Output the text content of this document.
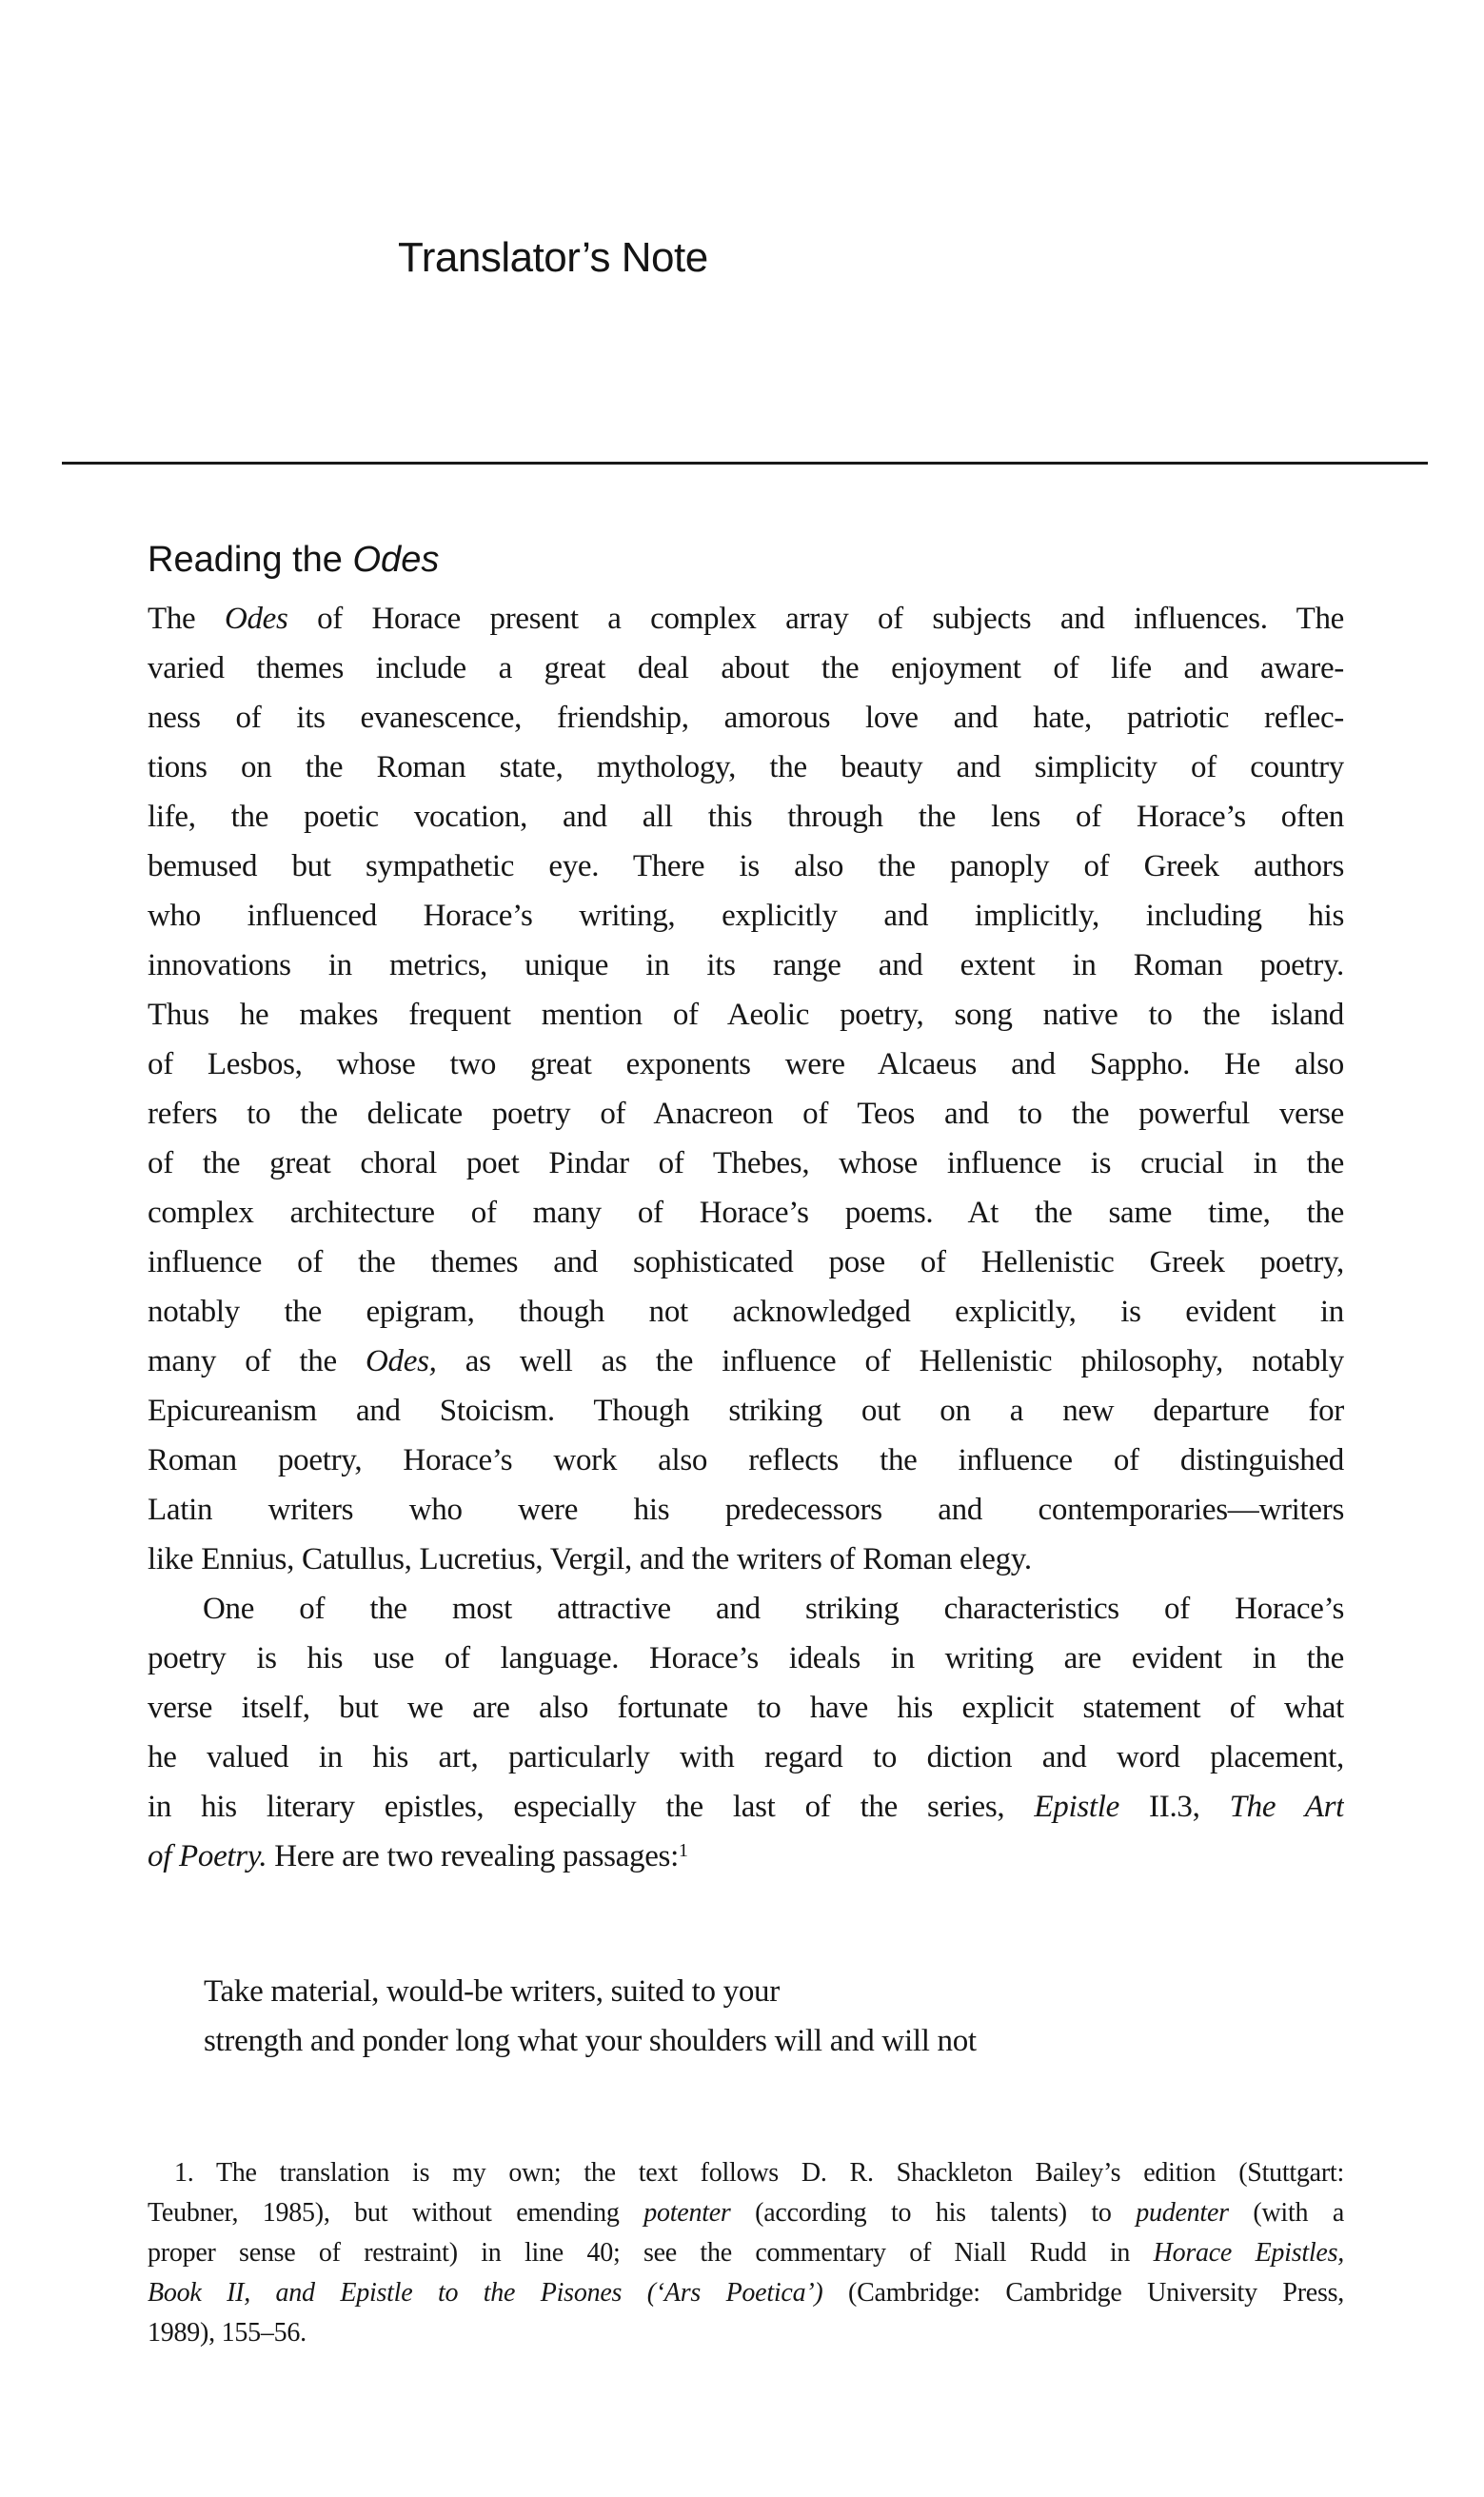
Translator’s Note
Reading the Odes
The Odes of Horace present a complex array of subjects and influences. The
varied themes include a great deal about the enjoyment of life and aware-
ness of its evanescence, friendship, amorous love and hate, patriotic reflec-
tions on the Roman state, mythology, the beauty and simplicity of country
life, the poetic vocation, and all this through the lens of Horace’s often
bemused but sympathetic eye. There is also the panoply of Greek authors
who influenced Horace’s writing, explicitly and implicitly, including his
innovations in metrics, unique in its range and extent in Roman poetry.
Thus he makes frequent mention of Aeolic poetry, song native to the island
of Lesbos, whose two great exponents were Alcaeus and Sappho. He also
refers to the delicate poetry of Anacreon of Teos and to the powerful verse
of the great choral poet Pindar of Thebes, whose influence is crucial in the
complex architecture of many of Horace’s poems. At the same time, the
influence of the themes and sophisticated pose of Hellenistic Greek poetry,
notably the epigram, though not acknowledged explicitly, is evident in
many of the Odes, as well as the influence of Hellenistic philosophy, notably
Epicureanism and Stoicism. Though striking out on a new departure for
Roman poetry, Horace’s work also reflects the influence of distinguished
Latin writers who were his predecessors and contemporaries—writers
like Ennius, Catullus, Lucretius, Vergil, and the writers of Roman elegy.
One of the most attractive and striking characteristics of Horace’s
poetry is his use of language. Horace’s ideals in writing are evident in the
verse itself, but we are also fortunate to have his explicit statement of what
he valued in his art, particularly with regard to diction and word placement,
in his literary epistles, especially the last of the series, Epistle II.3, The Art
of Poetry. Here are two revealing passages:$^1$
Take material, would-be writers, suited to your
strength and ponder long what your shoulders will and will not
1. The translation is my own; the text follows D. R. Shackleton Bailey’s edition (Stuttgart:
Teubner, 1985), but without emending potenter (according to his talents) to pudenter (with a
proper sense of restraint) in line 40; see the commentary of Niall Rudd in Horace Epistles,
Book II, and Epistle to the Pisones (‘Ars Poetica’) (Cambridge: Cambridge University Press,
1989), 155–56.
